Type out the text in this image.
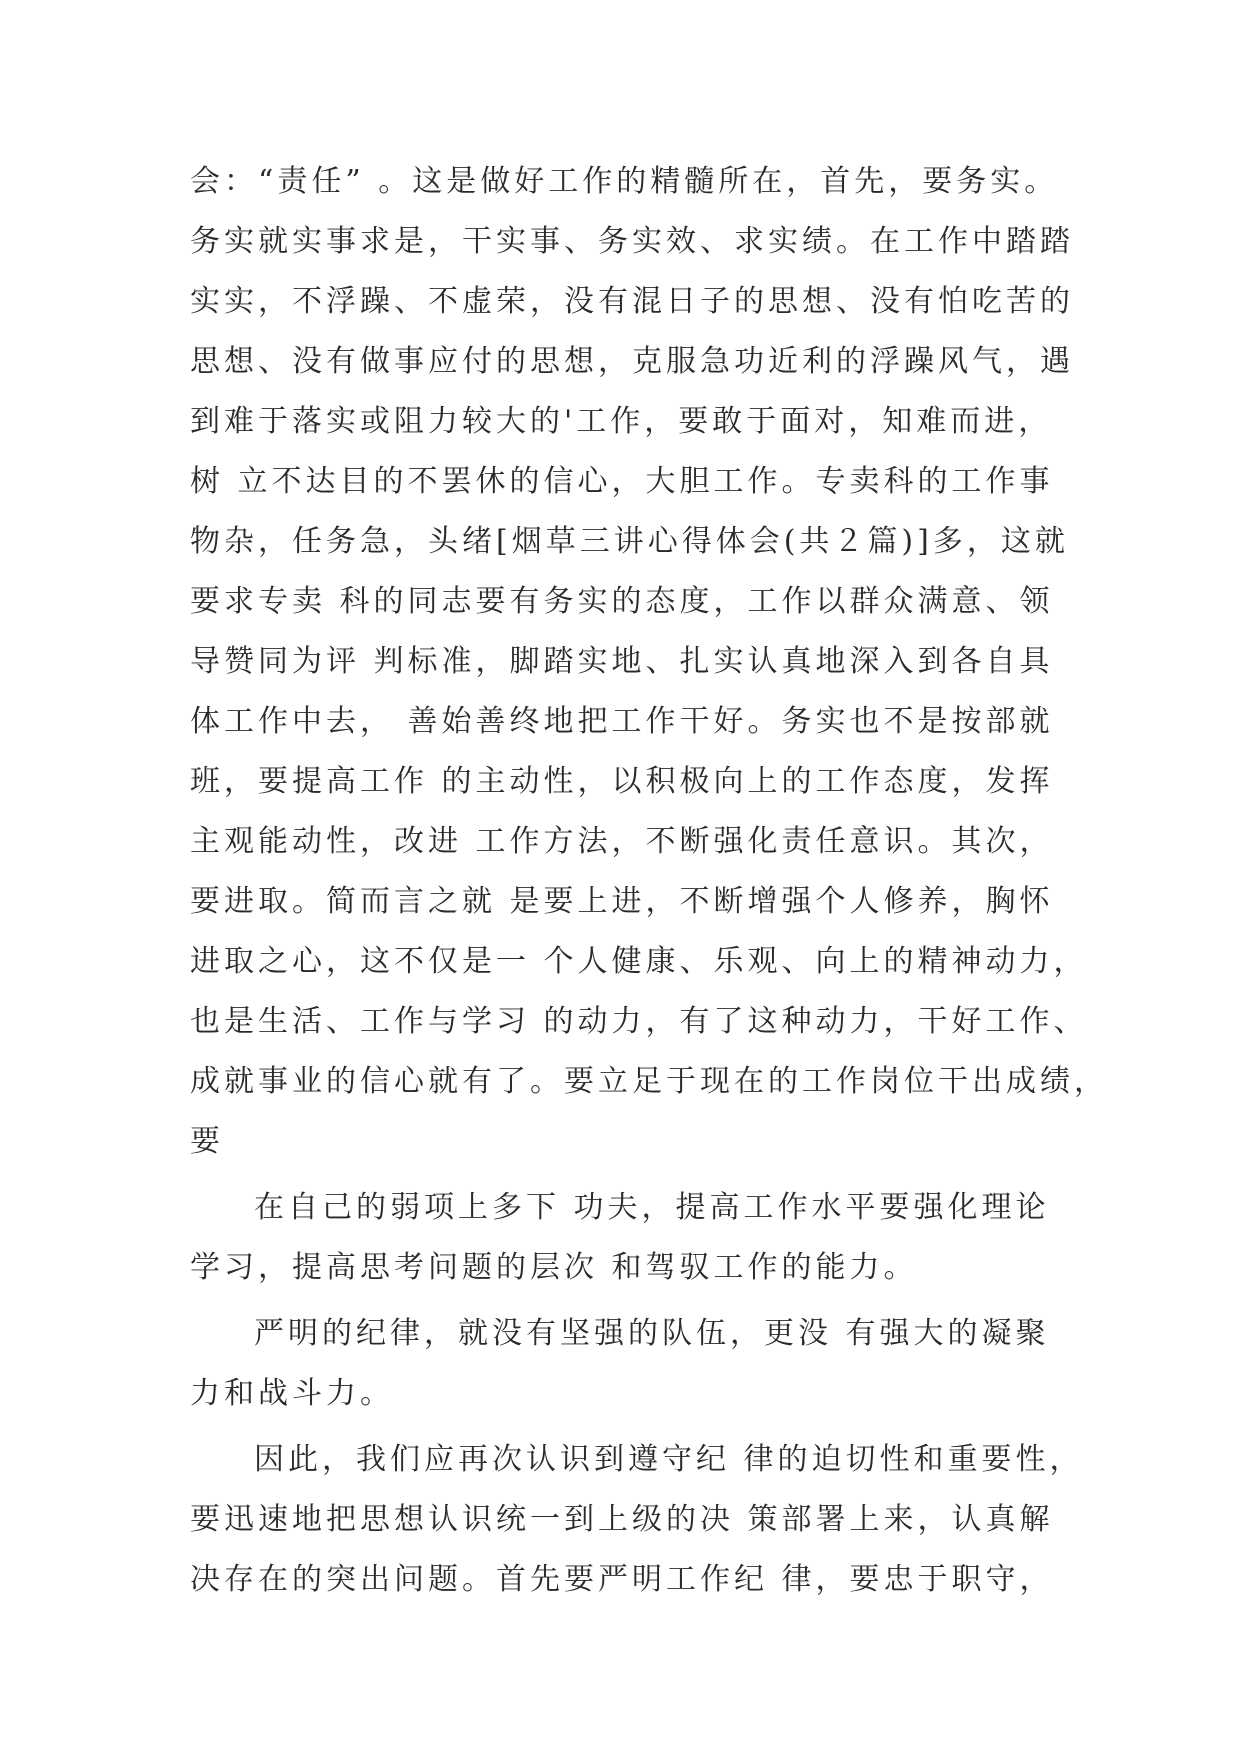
会：“责任” 。这是做好工作的精髓所在，首先，要务实。
务实就实事求是，干实事、务实效、求实绩。在工作中踏踏
实实，不浮躁、不虚荣，没有混日子的思想、没有怕吃苦的
思想、没有做事应付的思想，克服急功近利的浮躁风气，遇
到难于落实或阻力较大的'工作，要敢于面对，知难而进，
树 立不达目的不罢休的信心，大胆工作。专卖科的工作事
物杂，任务急，头绪[烟草三讲心得体会(共２篇)]多，这就
要求专卖 科的同志要有务实的态度，工作以群众满意、领
导赞同为评 判标准，脚踏实地、扎实认真地深入到各自具
体工作中去， 善始善终地把工作干好。务实也不是按部就
班，要提高工作 的主动性，以积极向上的工作态度，发挥
主观能动性，改进 工作方法，不断强化责任意识。其次，
要进取。简而言之就 是要上进，不断增强个人修养，胸怀
进取之心，这不仅是一 个人健康、乐观、向上的精神动力，
也是生活、工作与学习 的动力，有了这种动力，干好工作、
成就事业的信心就有了。要立足于现在的工作岗位干出成绩，
要
在自己的弱项上多下 功夫，提高工作水平要强化理论
学习，提高思考问题的层次 和驾驭工作的能力。
严明的纪律，就没有坚强的队伍，更没 有强大的凝聚
力和战斗力。
因此，我们应再次认识到遵守纪 律的迫切性和重要性，
要迅速地把思想认识统一到上级的决 策部署上来，认真解
决存在的突出问题。首先要严明工作纪 律，要忠于职守，
